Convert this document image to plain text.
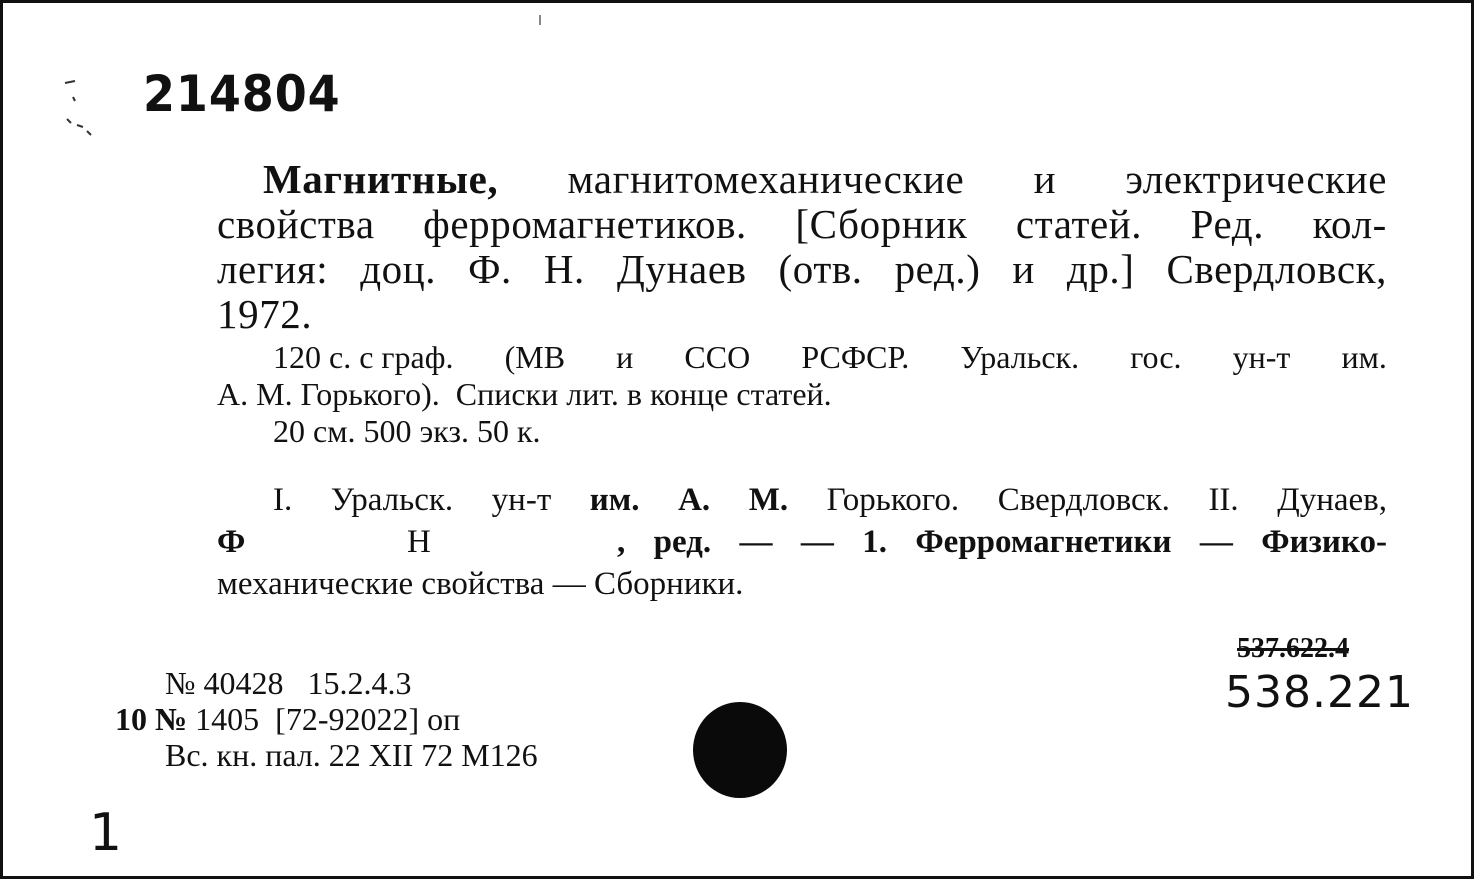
214804
Магнитные, магнитомеханические и электрические
свойства ферромагнетиков. [Сборник статей. Ред. кол-
легия: доц. Ф. Н. Дунаев (отв. ред.) и др.] Свердловск,
1972.
120 с. с граф. (МВ и ССО РСФСР. Уральск. гос. ун-т им.
А. М. Горького).  Списки лит. в конце статей.
20 см. 500 экз. 50 к.
I. Уральск. ун-т им. А. М. Горького. Свердловск. II. Дунаев,
Ф	Н	, ред. — — 1. Ферромагнетики — Физико-
механические свойства — Сборники.
№ 40428   15.2.4.3
10 № 1405  [72-92022] оп
Вс. кн. пал. 22 XII 72 М126
537.622.4
538.221
1
